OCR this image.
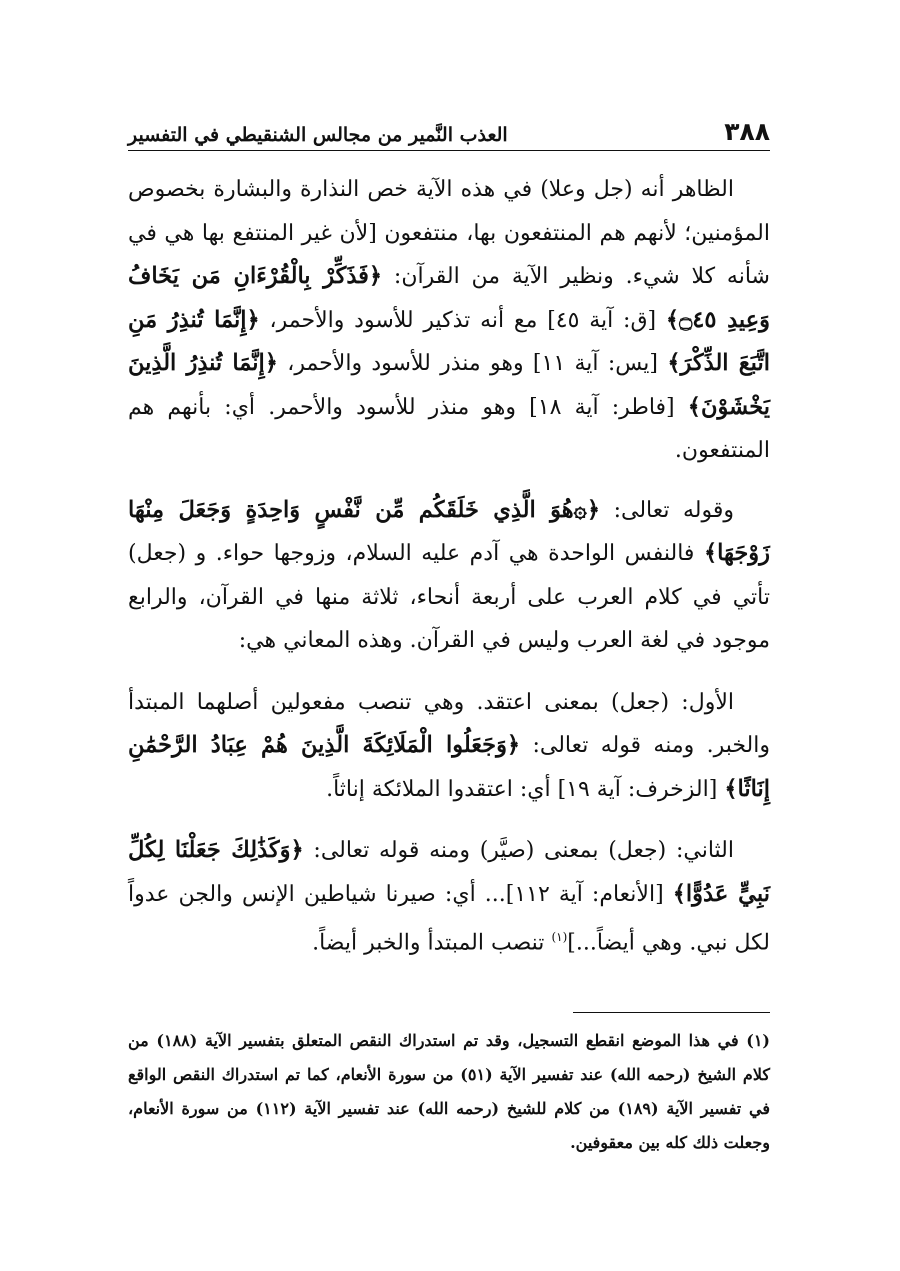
٣٨٨
العذب النَّمير من مجالس الشنقيطي في التفسير

الظاهر أنه (جل وعلا) في هذه الآية خص النذارة والبشارة بخصوص المؤمنين؛ لأنهم هم المنتفعون بها، منتفعون [لأن غير المنتفع بها هي في شأنه كلا شيء. ونظير الآية من القرآن: ﴿فَذَكِّرْ بِالْقُرْءَانِ مَن يَخَافُ وَعِيدِ ۝٤٥﴾ [ق: آية ٤٥] مع أنه تذكير للأسود والأحمر، ﴿إِنَّمَا تُنذِرُ مَنِ اتَّبَعَ الذِّكْرَ﴾ [يس: آية ١١] وهو منذر للأسود والأحمر، ﴿إِنَّمَا تُنذِرُ الَّذِينَ يَخْشَوْنَ﴾ [فاطر: آية ١٨] وهو منذر للأسود والأحمر. أي: بأنهم هم المنتفعون.

وقوله تعالى: ﴿۞هُوَ الَّذِي خَلَقَكُم مِّن نَّفْسٍ وَاحِدَةٍ وَجَعَلَ مِنْهَا زَوْجَهَا﴾ فالنفس الواحدة هي آدم عليه السلام، وزوجها حواء. و (جعل) تأتي في كلام العرب على أربعة أنحاء، ثلاثة منها في القرآن، والرابع موجود في لغة العرب وليس في القرآن. وهذه المعاني هي:

الأول: (جعل) بمعنى اعتقد. وهي تنصب مفعولين أصلهما المبتدأ والخبر. ومنه قوله تعالى: ﴿وَجَعَلُوا الْمَلَائِكَةَ الَّذِينَ هُمْ عِبَادُ الرَّحْمَٰنِ إِنَاثًا﴾ [الزخرف: آية ١٩] أي: اعتقدوا الملائكة إناثاً.

الثاني: (جعل) بمعنى (صيَّر) ومنه قوله تعالى: ﴿وَكَذَٰلِكَ جَعَلْنَا لِكُلِّ نَبِيٍّ عَدُوًّا﴾ [الأنعام: آية ١١٢]... أي: صيرنا شياطين الإنس والجن عدواً لكل نبي. وهي أيضاً...]$^{(١)}$ تنصب المبتدأ والخبر أيضاً.

(١) في هذا الموضع انقطع التسجيل، وقد تم استدراك النقص المتعلق بتفسير الآية (١٨٨) من كلام الشيخ (رحمه الله) عند تفسير الآية (٥١) من سورة الأنعام، كما تم استدراك النقص الواقع في تفسير الآية (١٨٩) من كلام للشيخ (رحمه الله) عند تفسير الآية (١١٢) من سورة الأنعام، وجعلت ذلك كله بين معقوفين.
